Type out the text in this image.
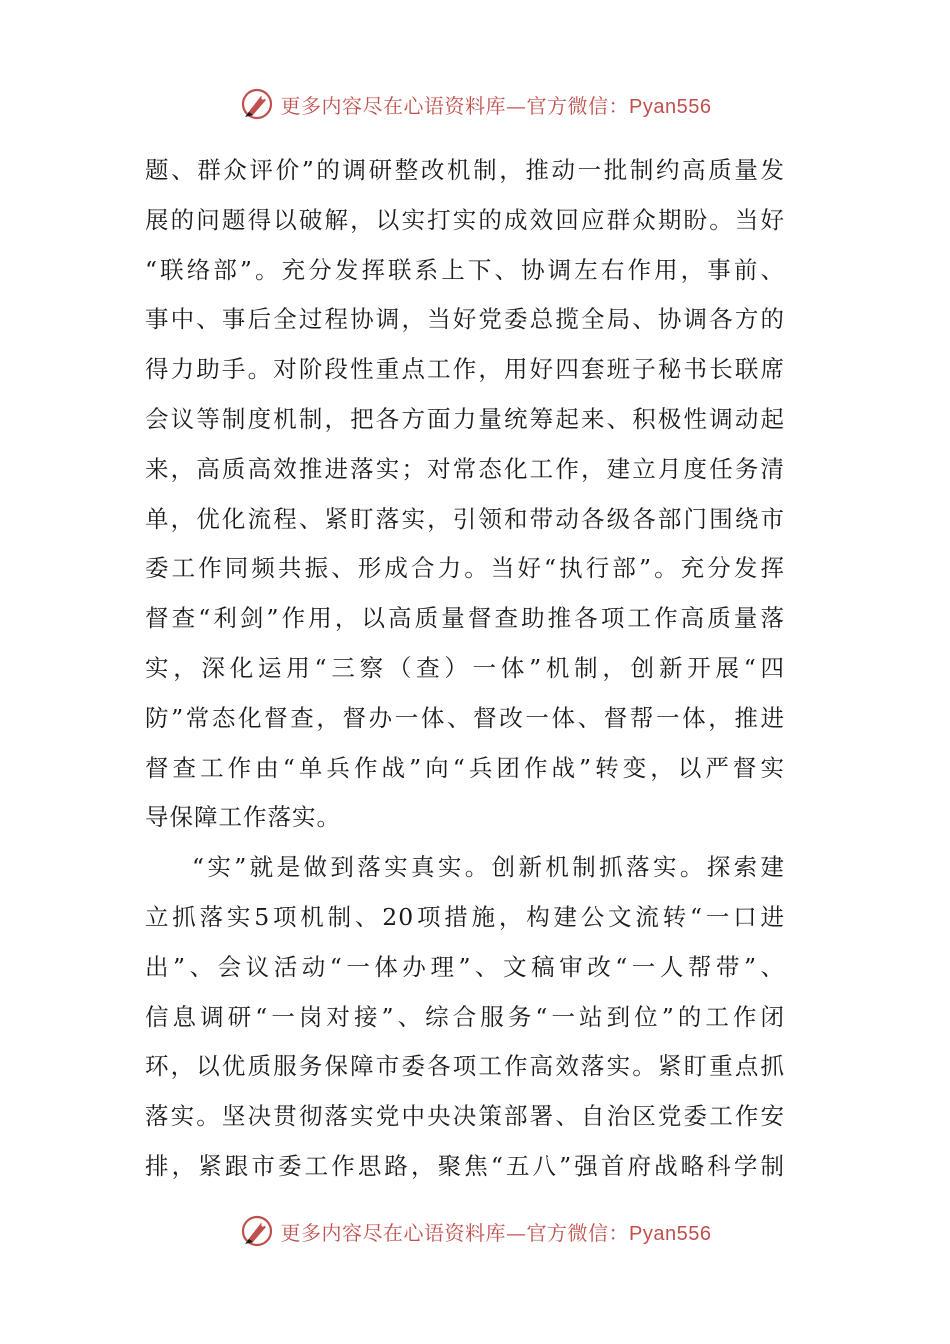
更多内容尽在心语资料库—官方微信：Pyan556
题、群众评价”的调研整改机制，推动一批制约高质量发
展的问题得以破解，以实打实的成效回应群众期盼。当好
“联络部”。充分发挥联系上下、协调左右作用，事前、
事中、事后全过程协调，当好党委总揽全局、协调各方的
得力助手。对阶段性重点工作，用好四套班子秘书长联席
会议等制度机制，把各方面力量统筹起来、积极性调动起
来，高质高效推进落实；对常态化工作，建立月度任务清
单，优化流程、紧盯落实，引领和带动各级各部门围绕市
委工作同频共振、形成合力。当好“执行部”。充分发挥
督查“利剑”作用，以高质量督查助推各项工作高质量落
实，深化运用“三察（查）一体”机制，创新开展“四
防”常态化督查，督办一体、督改一体、督帮一体，推进
督查工作由“单兵作战”向“兵团作战”转变，以严督实
导保障工作落实。
“实”就是做到落实真实。创新机制抓落实。探索建
立抓落实5项机制、20项措施，构建公文流转“一口进
出”、会议活动“一体办理”、文稿审改“一人帮带”、
信息调研“一岗对接”、综合服务“一站到位”的工作闭
环，以优质服务保障市委各项工作高效落实。紧盯重点抓
落实。坚决贯彻落实党中央决策部署、自治区党委工作安
排，紧跟市委工作思路，聚焦“五八”强首府战略科学制
更多内容尽在心语资料库—官方微信：Pyan556
